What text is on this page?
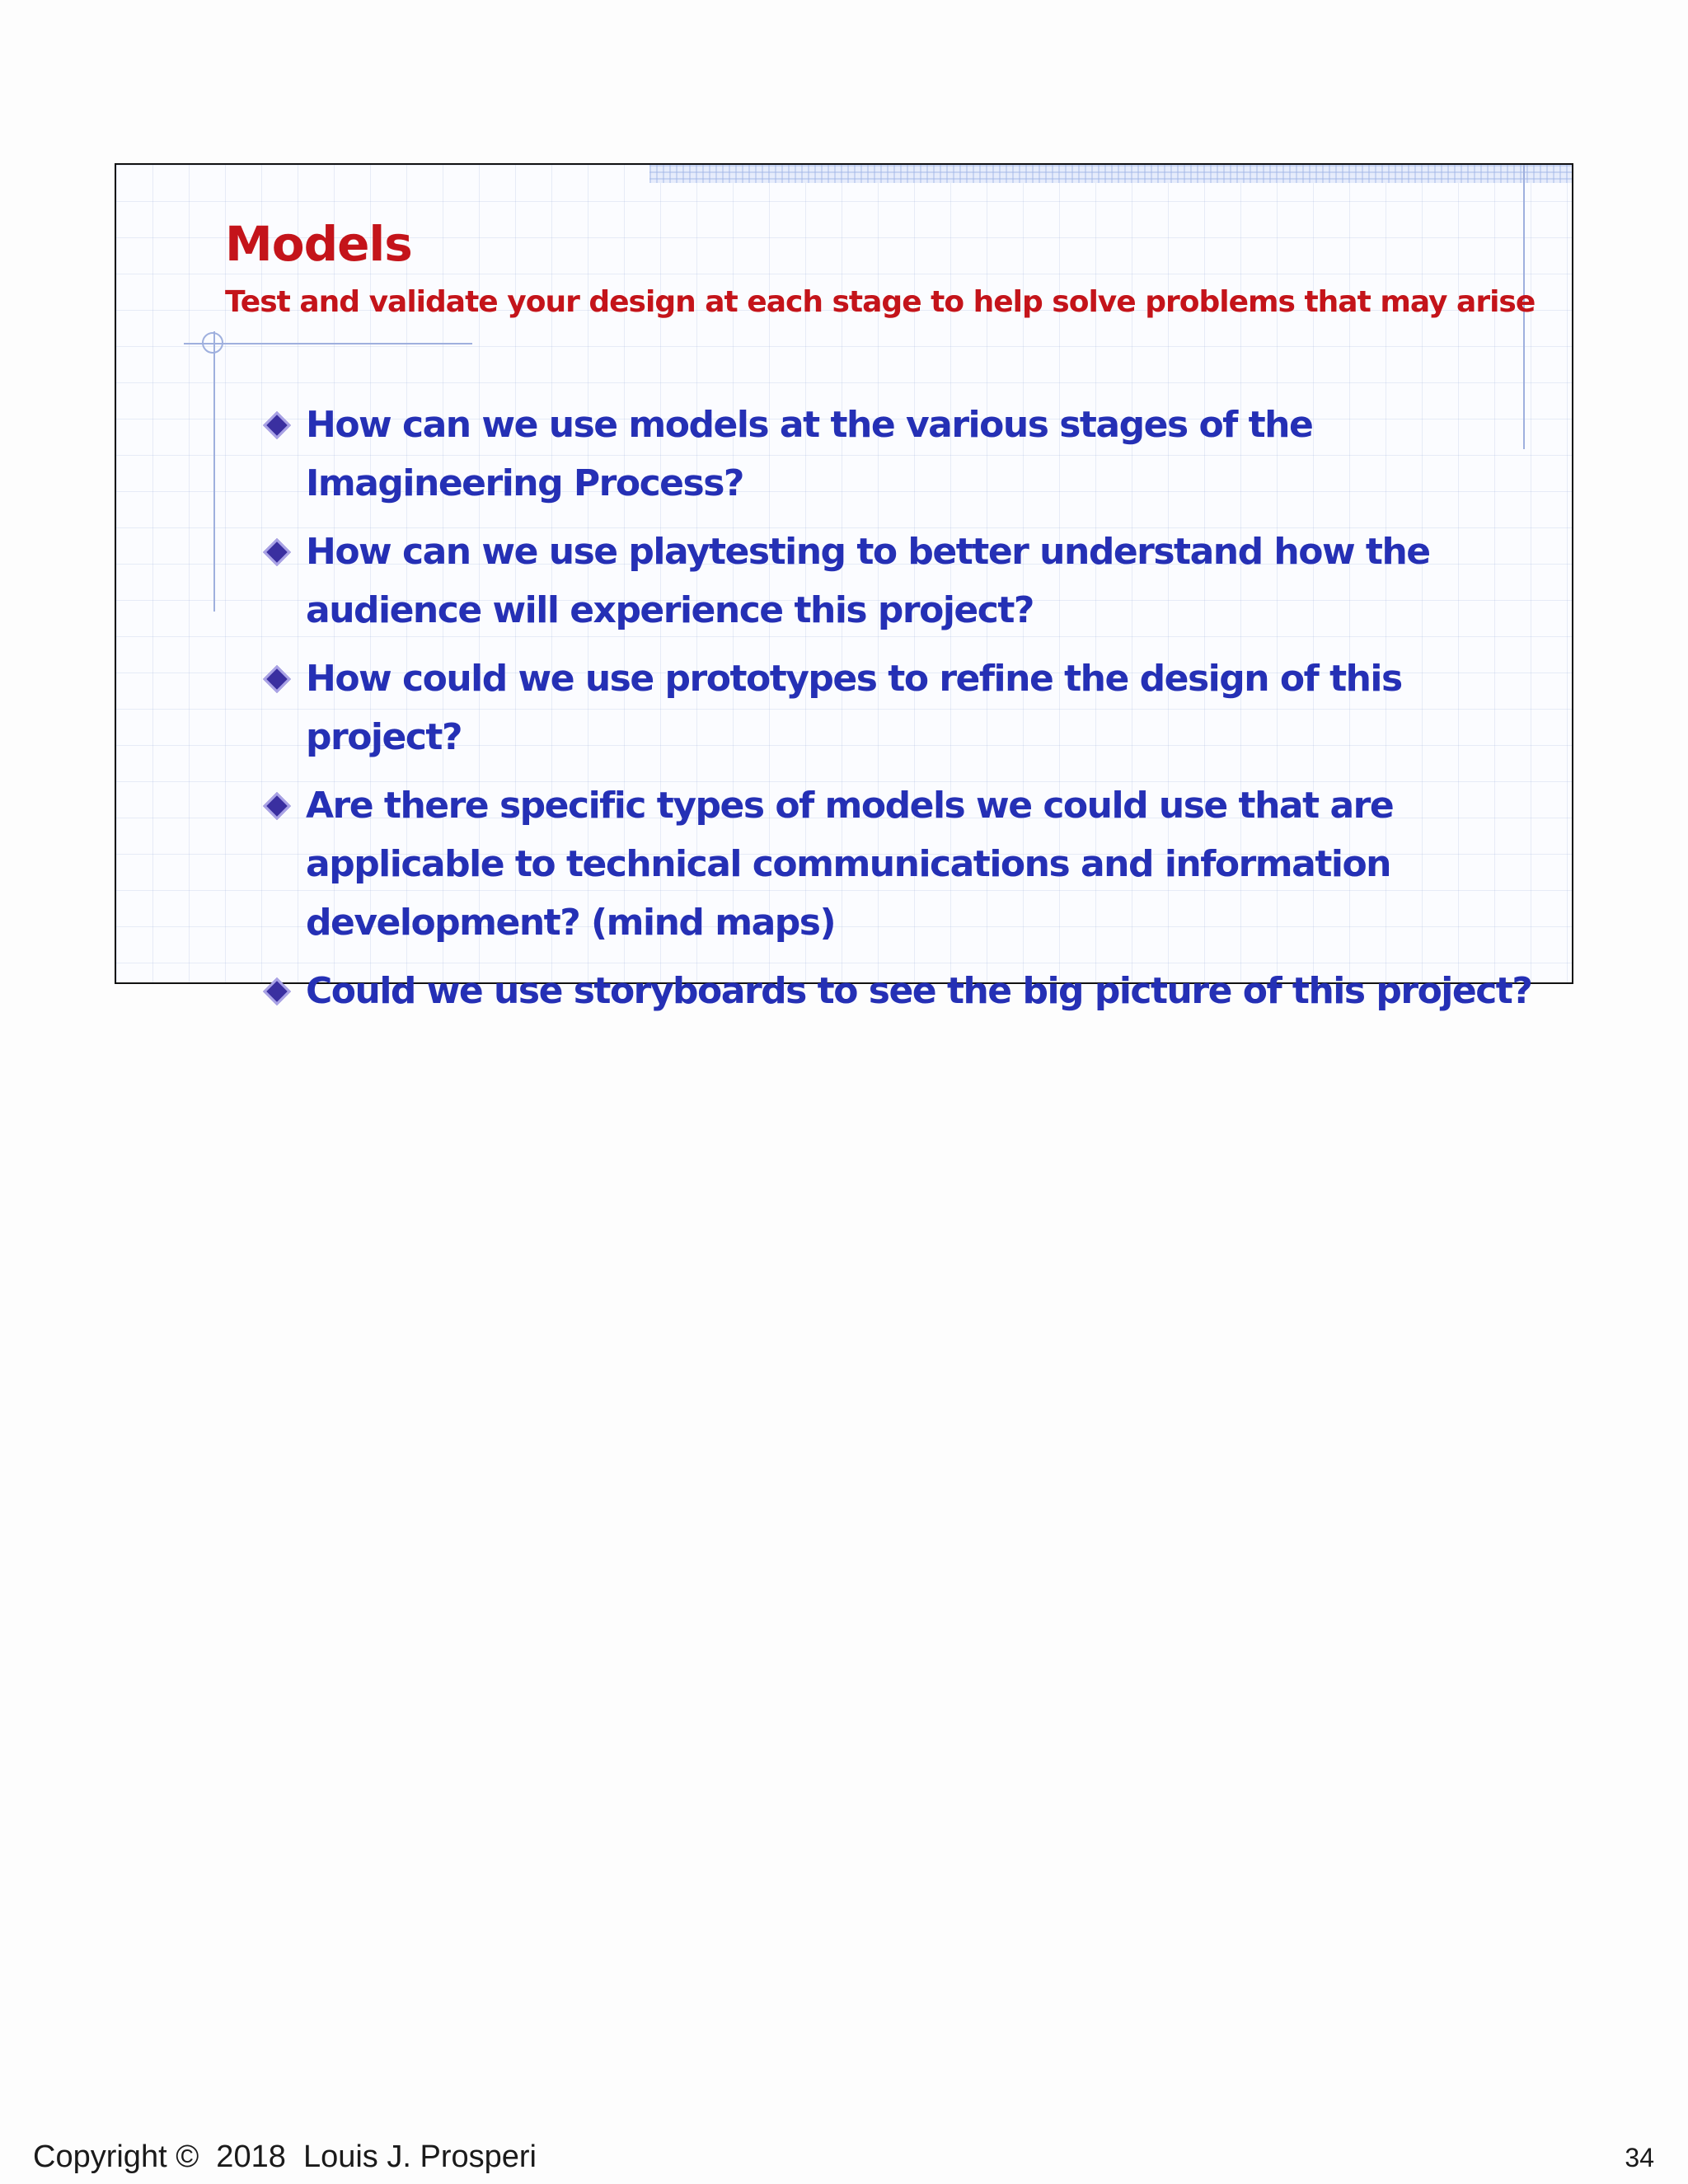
Models
Test and validate your design at each stage to help solve problems that may arise
How can we use models at the various stages of the Imagineering Process?
How can we use playtesting to better understand how the audience will experience this project?
How could we use prototypes to refine the design of this project?
Are there specific types of models we could use that are applicable to technical communications and information development? (mind maps)
Could we use storyboards to see the big picture of this project?
Copyright ©  2018  Louis J. Prosperi	34
